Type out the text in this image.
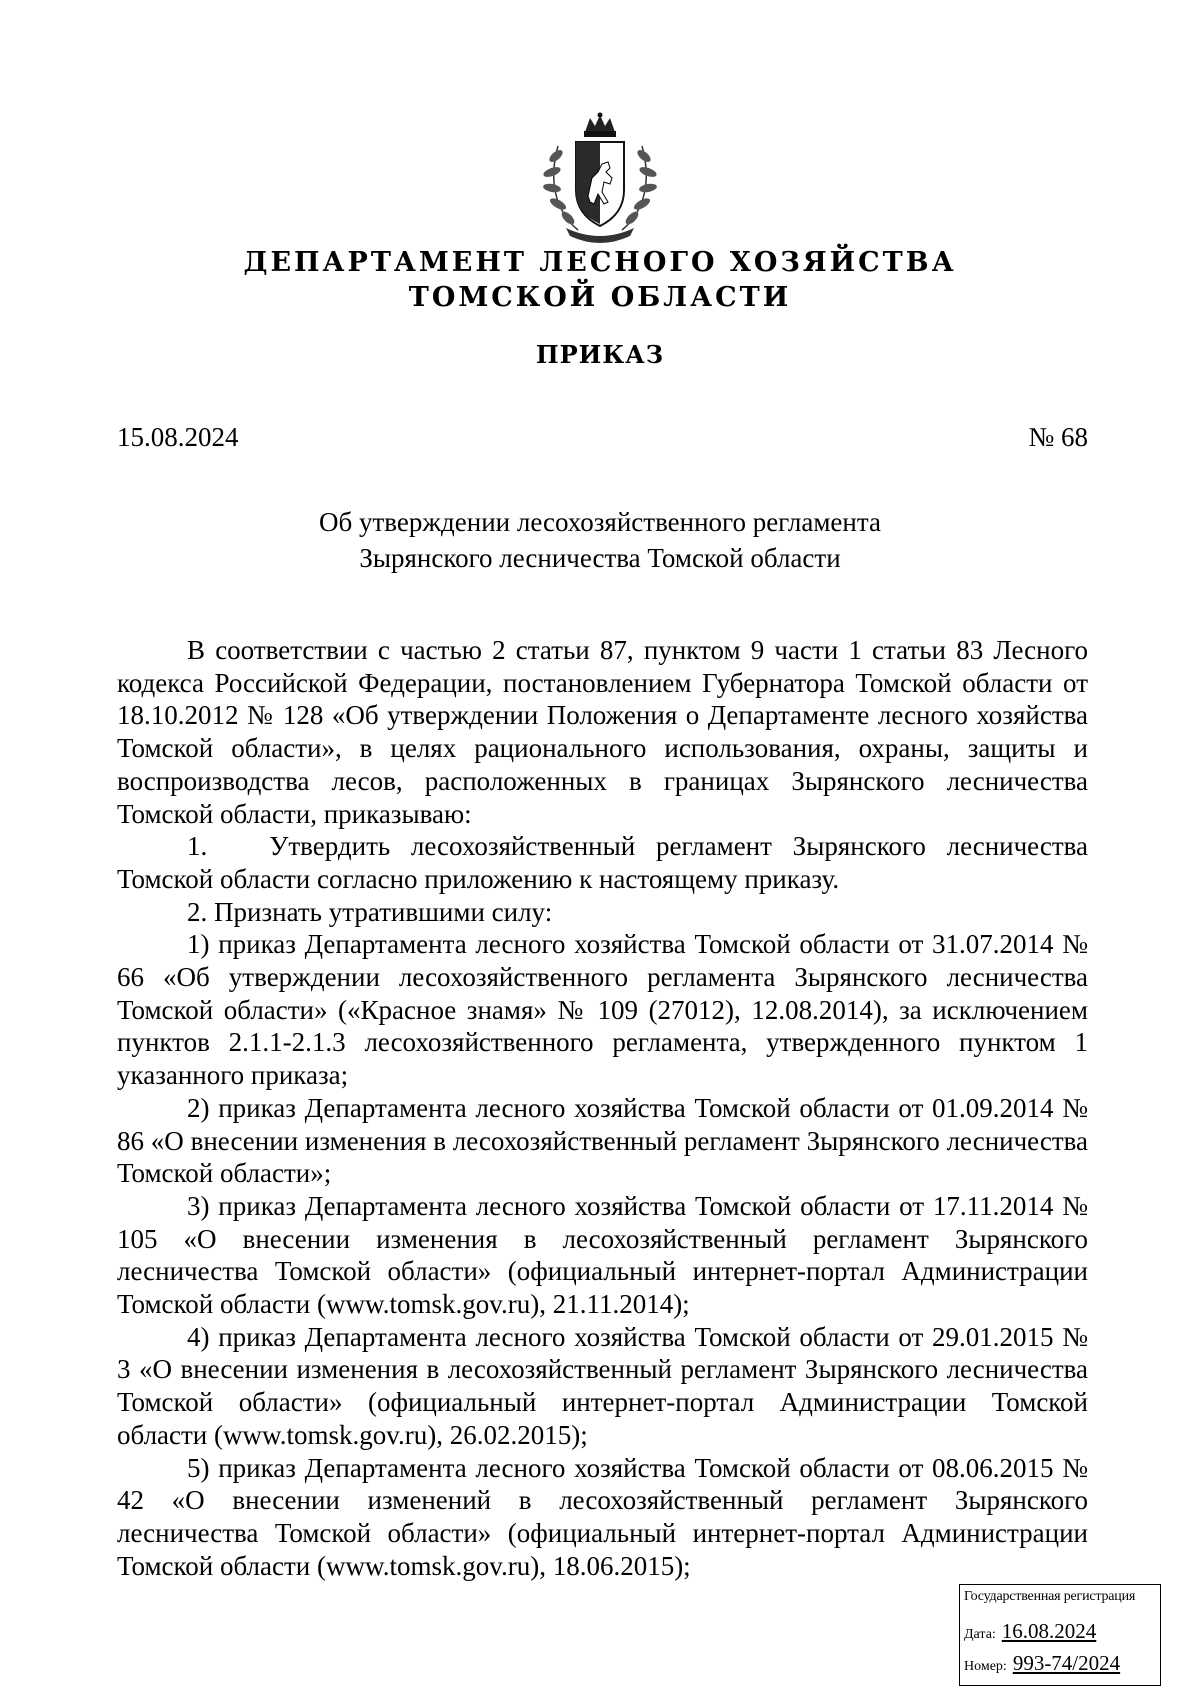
ДЕПАРТАМЕНТ ЛЕСНОГО ХОЗЯЙСТВА
ТОМСКОЙ ОБЛАСТИ
ПРИКАЗ
15.08.2024	№ 68
Об утверждении лесохозяйственного регламента
Зырянского лесничества Томской области

В соответствии с частью 2 статьи 87, пунктом 9 части 1 статьи 83 Лесного кодекса Российской Федерации, постановлением Губернатора Томской области от 18.10.2012 № 128 «Об утверждении Положения о Департаменте лесного хозяйства Томской области», в целях рационального использования, охраны, защиты и воспроизводства лесов, расположенных в границах Зырянского лесничества Томской области, приказываю:

1. Утвердить лесохозяйственный регламент Зырянского лесничества Томской области согласно приложению к настоящему приказу.

2. Признать утратившими силу:

1) приказ Департамента лесного хозяйства Томской области от 31.07.2014 № 66 «Об утверждении лесохозяйственного регламента Зырянского лесничества Томской области» («Красное знамя» № 109 (27012), 12.08.2014), за исключением пунктов 2.1.1-2.1.3 лесохозяйственного регламента, утвержденного пунктом 1 указанного приказа;

2) приказ Департамента лесного хозяйства Томской области от 01.09.2014 № 86 «О внесении изменения в лесохозяйственный регламент Зырянского лесничества Томской области»;

3) приказ Департамента лесного хозяйства Томской области от 17.11.2014 № 105 «О внесении изменения в лесохозяйственный регламент Зырянского лесничества Томской области» (официальный интернет-портал Администрации Томской области (www.tomsk.gov.ru), 21.11.2014);

4) приказ Департамента лесного хозяйства Томской области от 29.01.2015 № 3 «О внесении изменения в лесохозяйственный регламент Зырянского лесничества Томской области» (официальный интернет-портал Администрации Томской области (www.tomsk.gov.ru), 26.02.2015);

5) приказ Департамента лесного хозяйства Томской области от 08.06.2015 № 42 «О внесении изменений в лесохозяйственный регламент Зырянского лесничества Томской области» (официальный интернет-портал Администрации Томской области (www.tomsk.gov.ru), 18.06.2015);

Государственная регистрация
Дата: 16.08.2024
Номер: 993-74/2024
